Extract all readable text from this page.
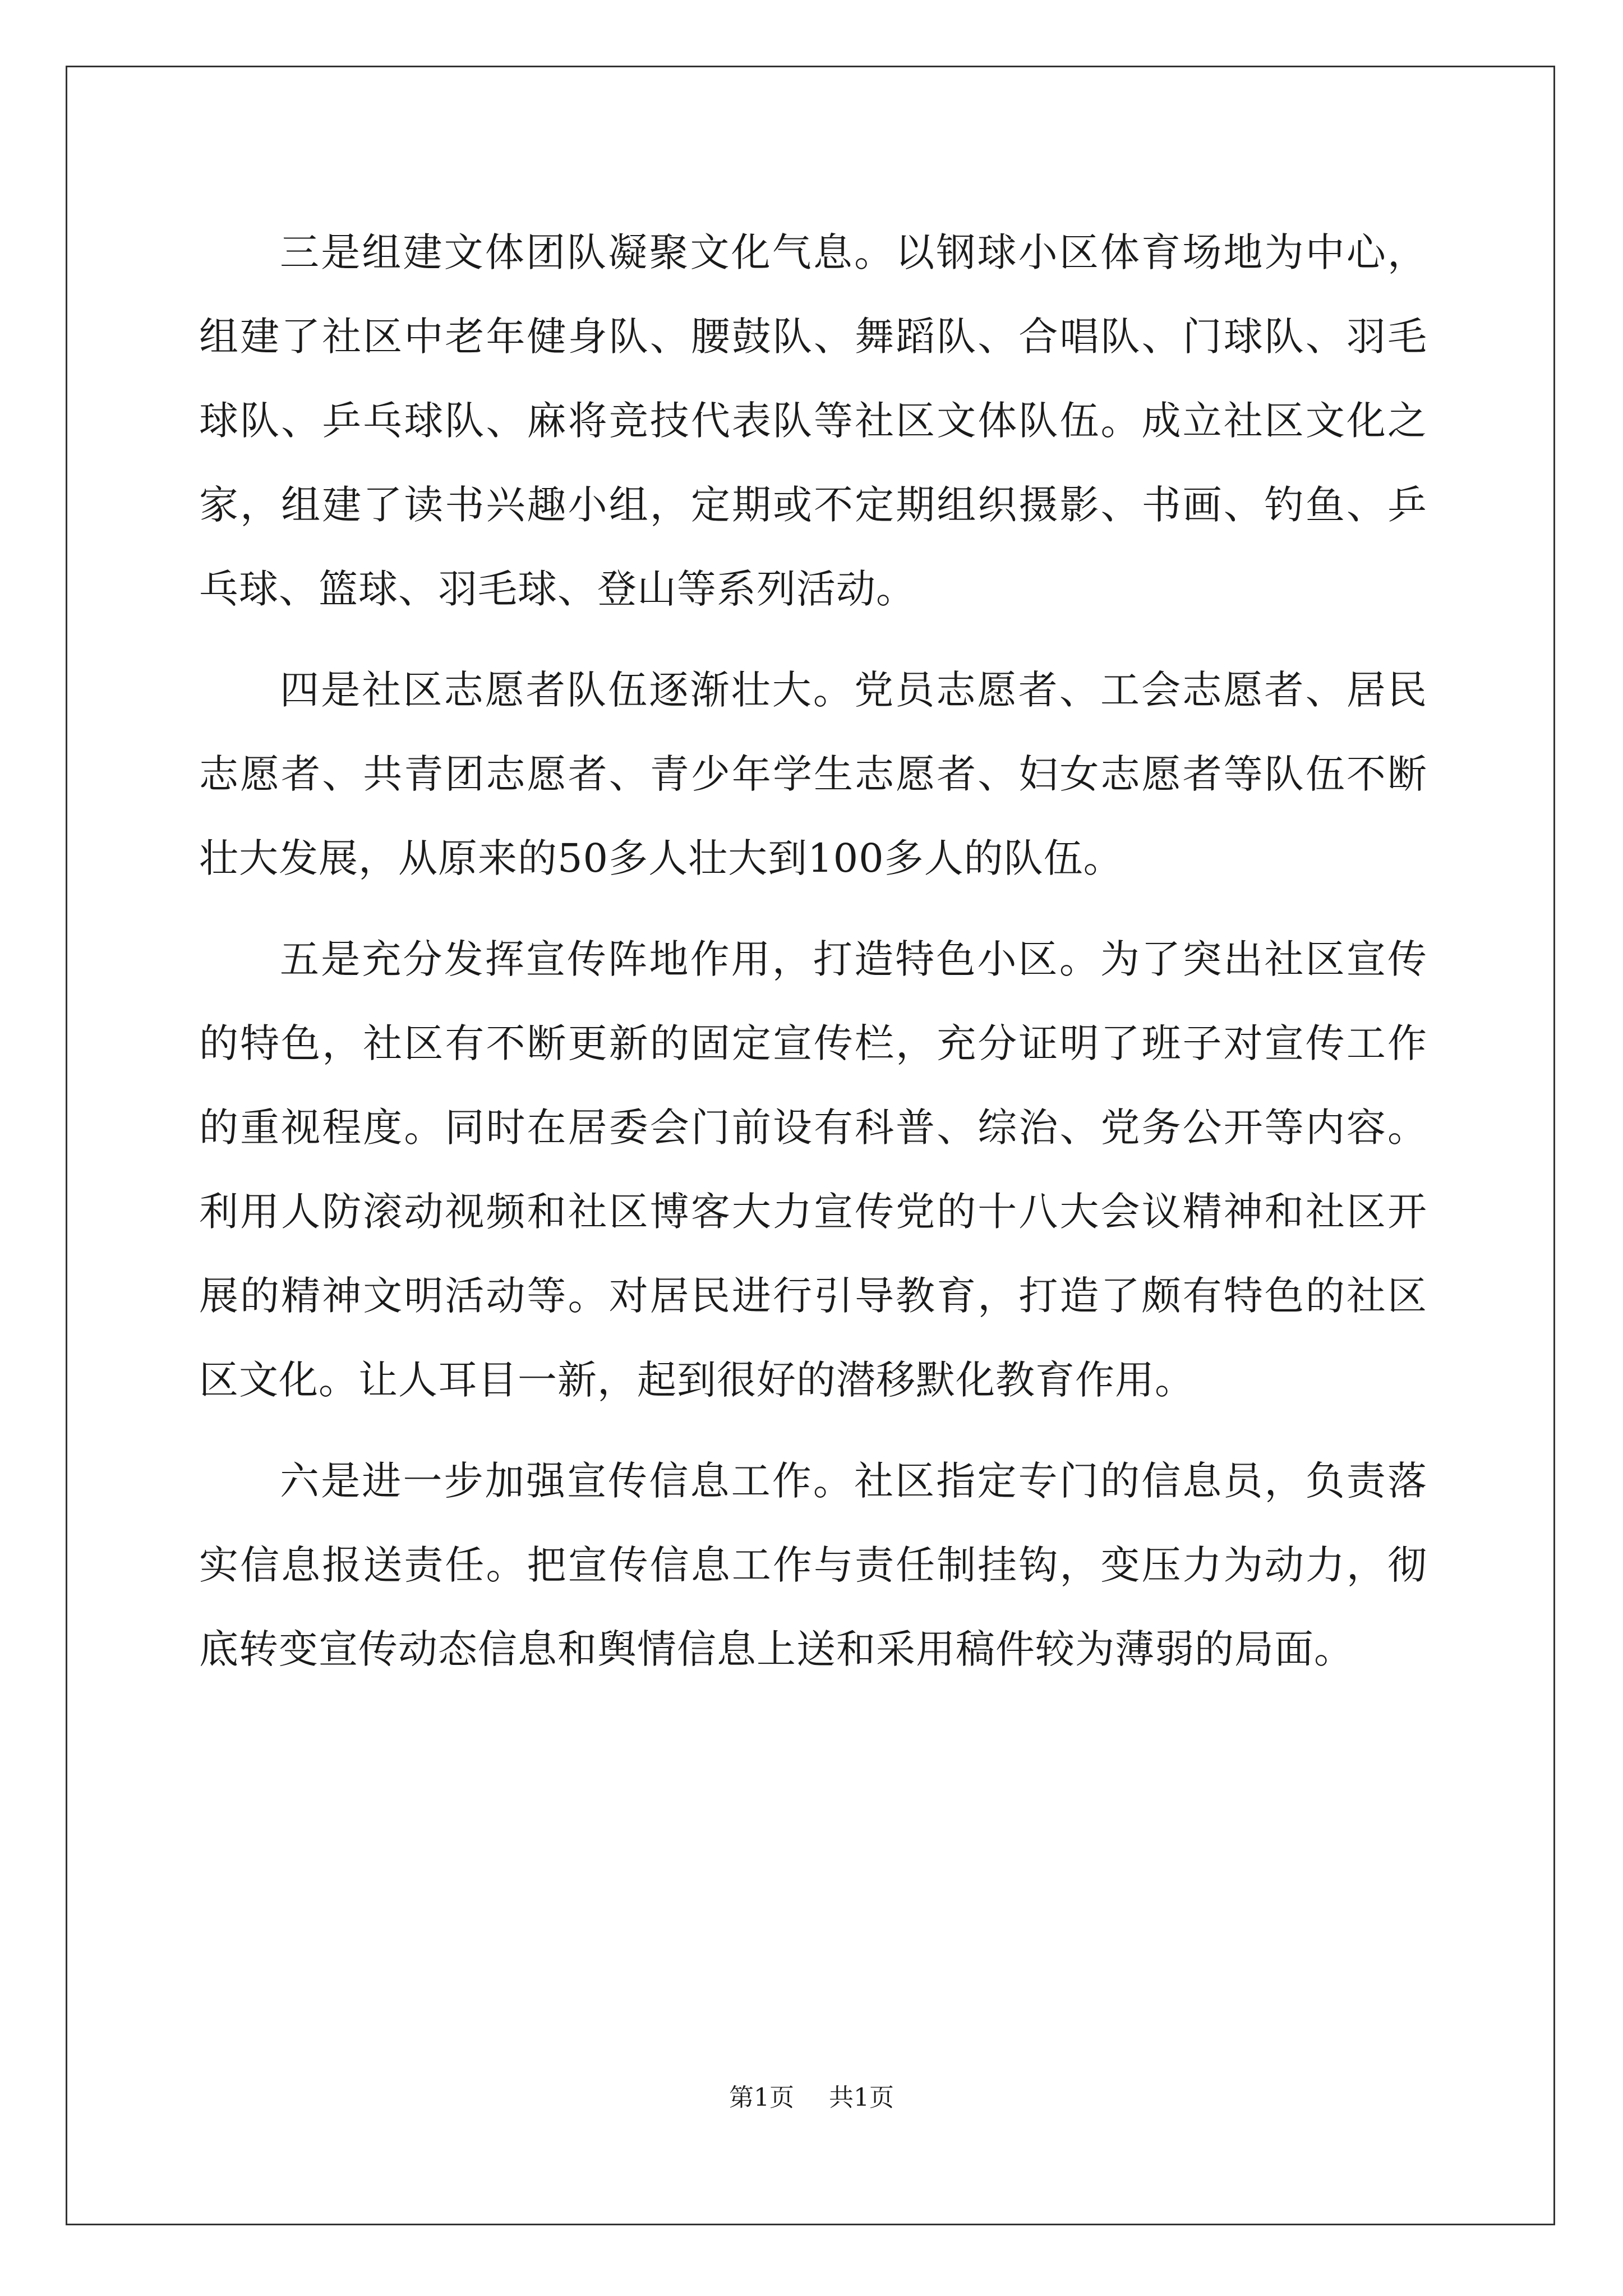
三是组建文体团队凝聚文化气息。以钢球小区体育场地为中心，组建了社区中老年健身队、腰鼓队、舞蹈队、合唱队、门球队、羽毛球队、乒乓球队、麻将竞技代表队等社区文体队伍。成立社区文化之家，组建了读书兴趣小组，定期或不定期组织摄影、书画、钓鱼、乒乓球、篮球、羽毛球、登山等系列活动。

四是社区志愿者队伍逐渐壮大。党员志愿者、工会志愿者、居民志愿者、共青团志愿者、青少年学生志愿者、妇女志愿者等队伍不断壮大发展，从原来的50多人壮大到100多人的队伍。

五是充分发挥宣传阵地作用，打造特色小区。为了突出社区宣传的特色，社区有不断更新的固定宣传栏，充分证明了班子对宣传工作的重视程度。同时在居委会门前设有科普、综治、党务公开等内容。利用人防滚动视频和社区博客大力宣传党的十八大会议精神和社区开展的精神文明活动等。对居民进行引导教育，打造了颇有特色的社区区文化。让人耳目一新，起到很好的潜移默化教育作用。

六是进一步加强宣传信息工作。社区指定专门的信息员，负责落实信息报送责任。把宣传信息工作与责任制挂钩，变压力为动力，彻底转变宣传动态信息和舆情信息上送和采用稿件较为薄弱的局面。

第1页 共1页
